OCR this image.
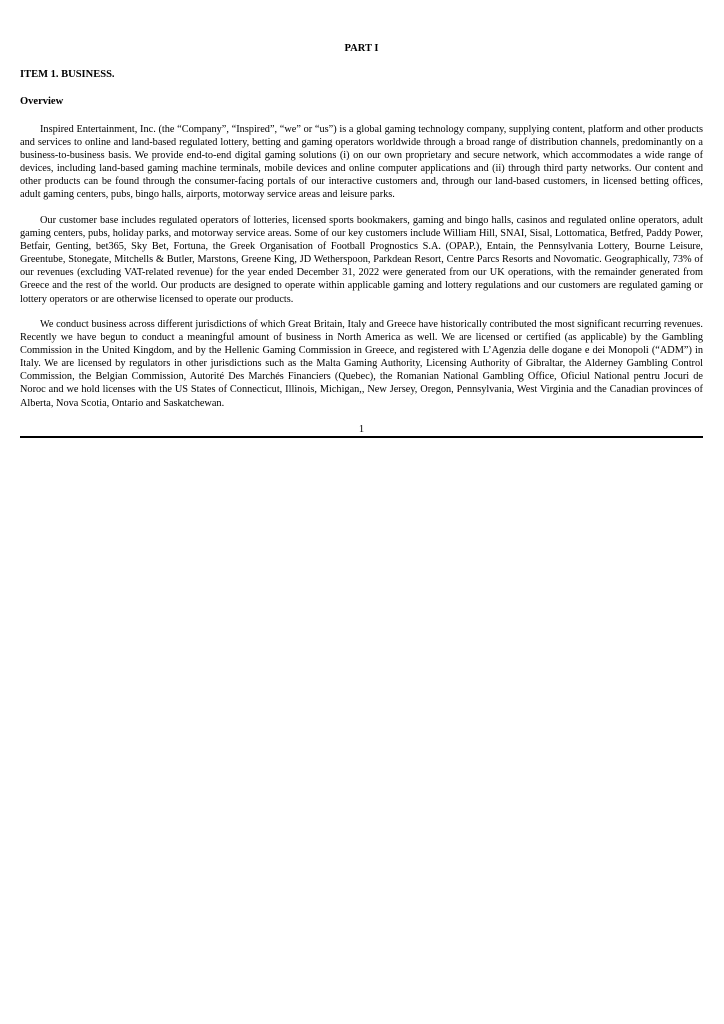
PART I
ITEM 1. BUSINESS.
Overview

Inspired Entertainment, Inc. (the “Company”, “Inspired”, “we” or “us”) is a global gaming technology company, supplying content, platform and other products and services to online and land-based regulated lottery, betting and gaming operators worldwide through a broad range of distribution channels, predominantly on a business-to-business basis. We provide end-to-end digital gaming solutions (i) on our own proprietary and secure network, which accommodates a wide range of devices, including land-based gaming machine terminals, mobile devices and online computer applications and (ii) through third party networks. Our content and other products can be found through the consumer-facing portals of our interactive customers and, through our land-based customers, in licensed betting offices, adult gaming centers, pubs, bingo halls, airports, motorway service areas and leisure parks.

Our customer base includes regulated operators of lotteries, licensed sports bookmakers, gaming and bingo halls, casinos and regulated online operators, adult gaming centers, pubs, holiday parks, and motorway service areas. Some of our key customers include William Hill, SNAI, Sisal, Lottomatica, Betfred, Paddy Power, Betfair, Genting, bet365, Sky Bet, Fortuna, the Greek Organisation of Football Prognostics S.A. (OPAP.), Entain, the Pennsylvania Lottery, Bourne Leisure, Greentube, Stonegate, Mitchells & Butler, Marstons, Greene King, JD Wetherspoon, Parkdean Resort, Centre Parcs Resorts and Novomatic. Geographically, 73% of our revenues (excluding VAT-related revenue) for the year ended December 31, 2022 were generated from our UK operations, with the remainder generated from Greece and the rest of the world. Our products are designed to operate within applicable gaming and lottery regulations and our customers are regulated gaming or lottery operators or are otherwise licensed to operate our products.

We conduct business across different jurisdictions of which Great Britain, Italy and Greece have historically contributed the most significant recurring revenues. Recently we have begun to conduct a meaningful amount of business in North America as well. We are licensed or certified (as applicable) by the Gambling Commission in the United Kingdom, and by the Hellenic Gaming Commission in Greece, and registered with L’Agenzia delle dogane e dei Monopoli (“ADM”) in Italy. We are licensed by regulators in other jurisdictions such as the Malta Gaming Authority, Licensing Authority of Gibraltar, the Alderney Gambling Control Commission, the Belgian Commission, Autorité Des Marchés Financiers (Quebec), the Romanian National Gambling Office, Oficiul National pentru Jocuri de Noroc and we hold licenses with the US States of Connecticut, Illinois, Michigan,, New Jersey, Oregon, Pennsylvania, West Virginia and the Canadian provinces of Alberta, Nova Scotia, Ontario and Saskatchewan.

1
